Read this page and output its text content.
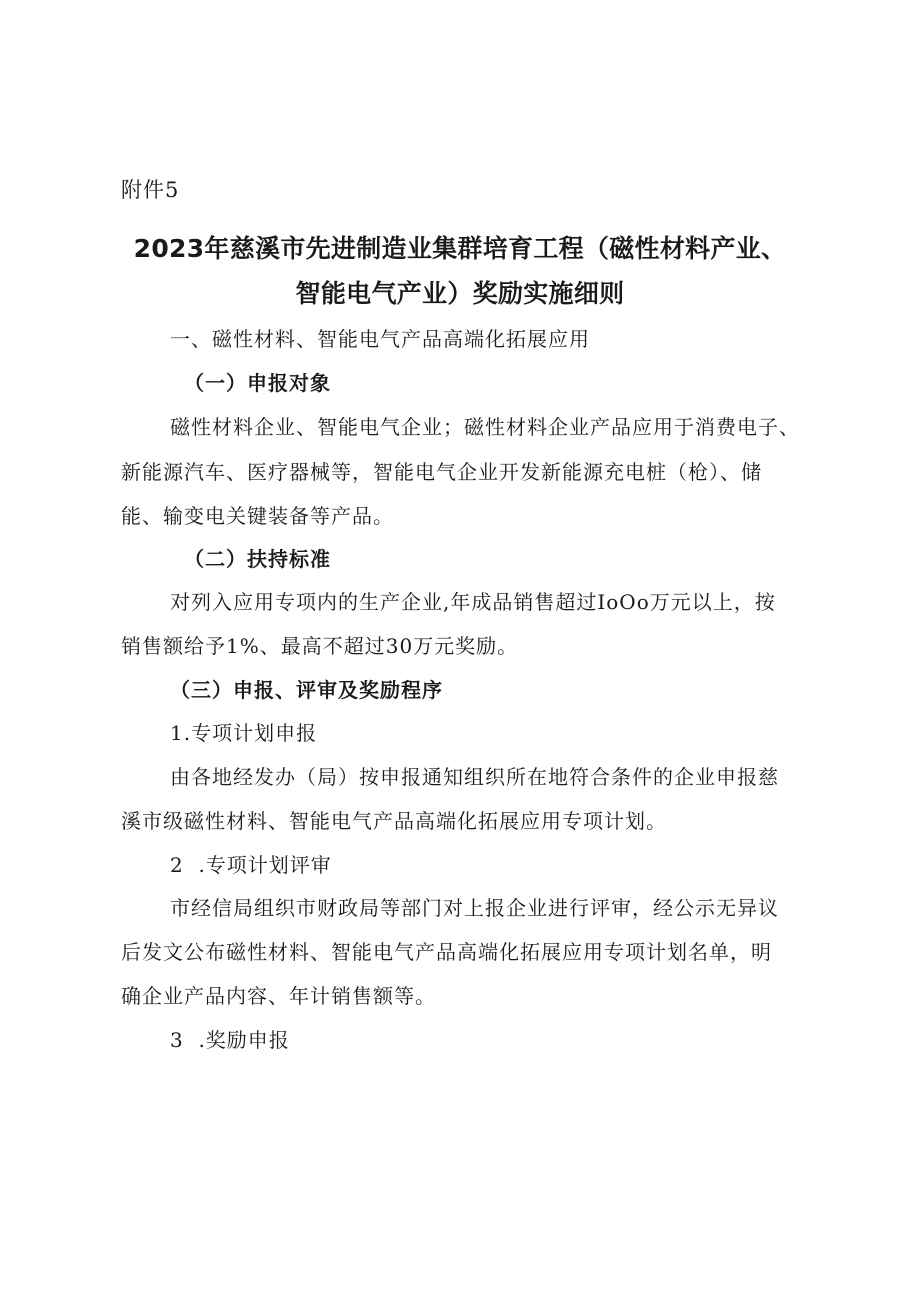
附件5
2023年慈溪市先进制造业集群培育工程（磁性材料产业、
智能电气产业）奖励实施细则
一、磁性材料、智能电气产品高端化拓展应用
（一）申报对象
磁性材料企业、智能电气企业；磁性材料企业产品应用于消费电子、
新能源汽车、医疗器械等，智能电气企业开发新能源充电桩（枪）、储
能、输变电关键装备等产品。
（二）扶持标准
对列入应用专项内的生产企业,年成品销售超过IoOo万元以上，按
销售额给予1%、最高不超过30万元奖励。
（三）申报、评审及奖励程序
1.专项计划申报
由各地经发办（局）按申报通知组织所在地符合条件的企业申报慈
溪市级磁性材料、智能电气产品高端化拓展应用专项计划。
2  .专项计划评审
市经信局组织市财政局等部门对上报企业进行评审，经公示无异议
后发文公布磁性材料、智能电气产品高端化拓展应用专项计划名单，明
确企业产品内容、年计销售额等。
3  .奖励申报
